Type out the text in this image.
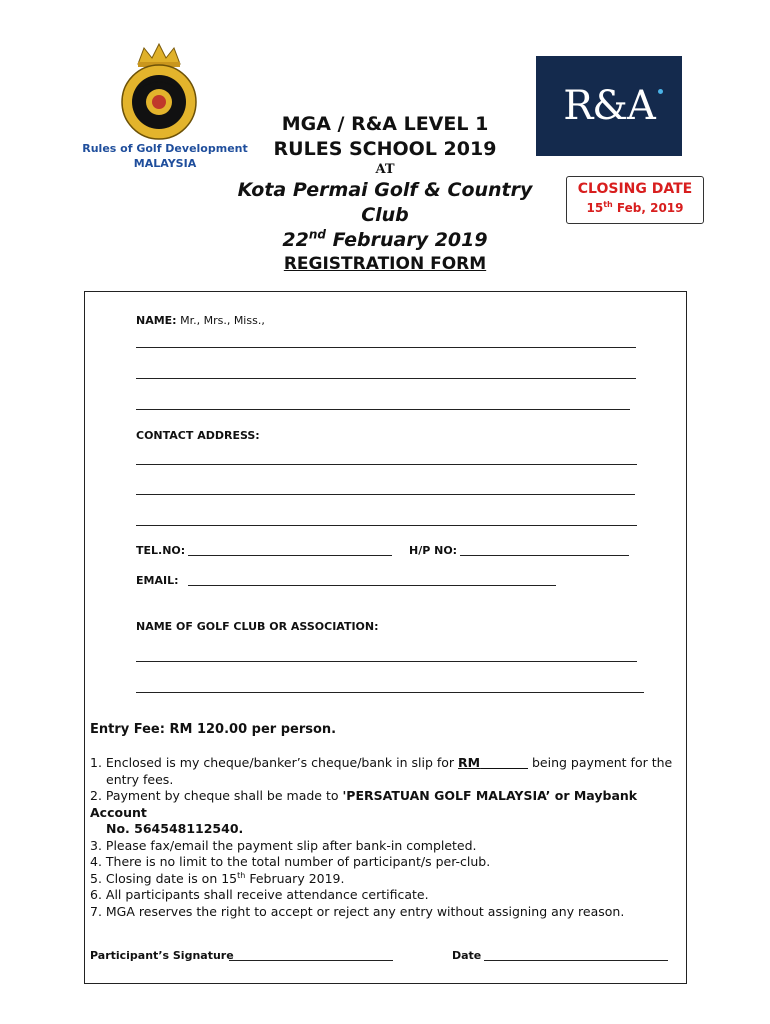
Rules of Golf Development
MALAYSIA
MGA / R&A LEVEL 1
RULES SCHOOL 2019
AT
Kota Permai Golf & Country Club
22nd February 2019
R&A
CLOSING DATE
15th Feb, 2019
REGISTRATION FORM
NAME: Mr., Mrs., Miss.,
CONTACT ADDRESS:
TEL.NO:	H/P NO:
EMAIL:
NAME OF GOLF CLUB OR ASSOCIATION:
Entry Fee: RM 120.00 per person.
1. Enclosed is my cheque/banker’s cheque/bank in slip for RM	being payment for the
entry fees.
2. Payment by cheque shall be made to 'PERSATUAN GOLF MALAYSIA’ or Maybank Account
No. 564548112540.
3. Please fax/email the payment slip after bank-in completed.
4. There is no limit to the total number of participant/s per-club.
5. Closing date is on 15th February 2019.
6. All participants shall receive attendance certificate.
7. MGA reserves the right to accept or reject any entry without assigning any reason.
Participant’s Signature	Date
